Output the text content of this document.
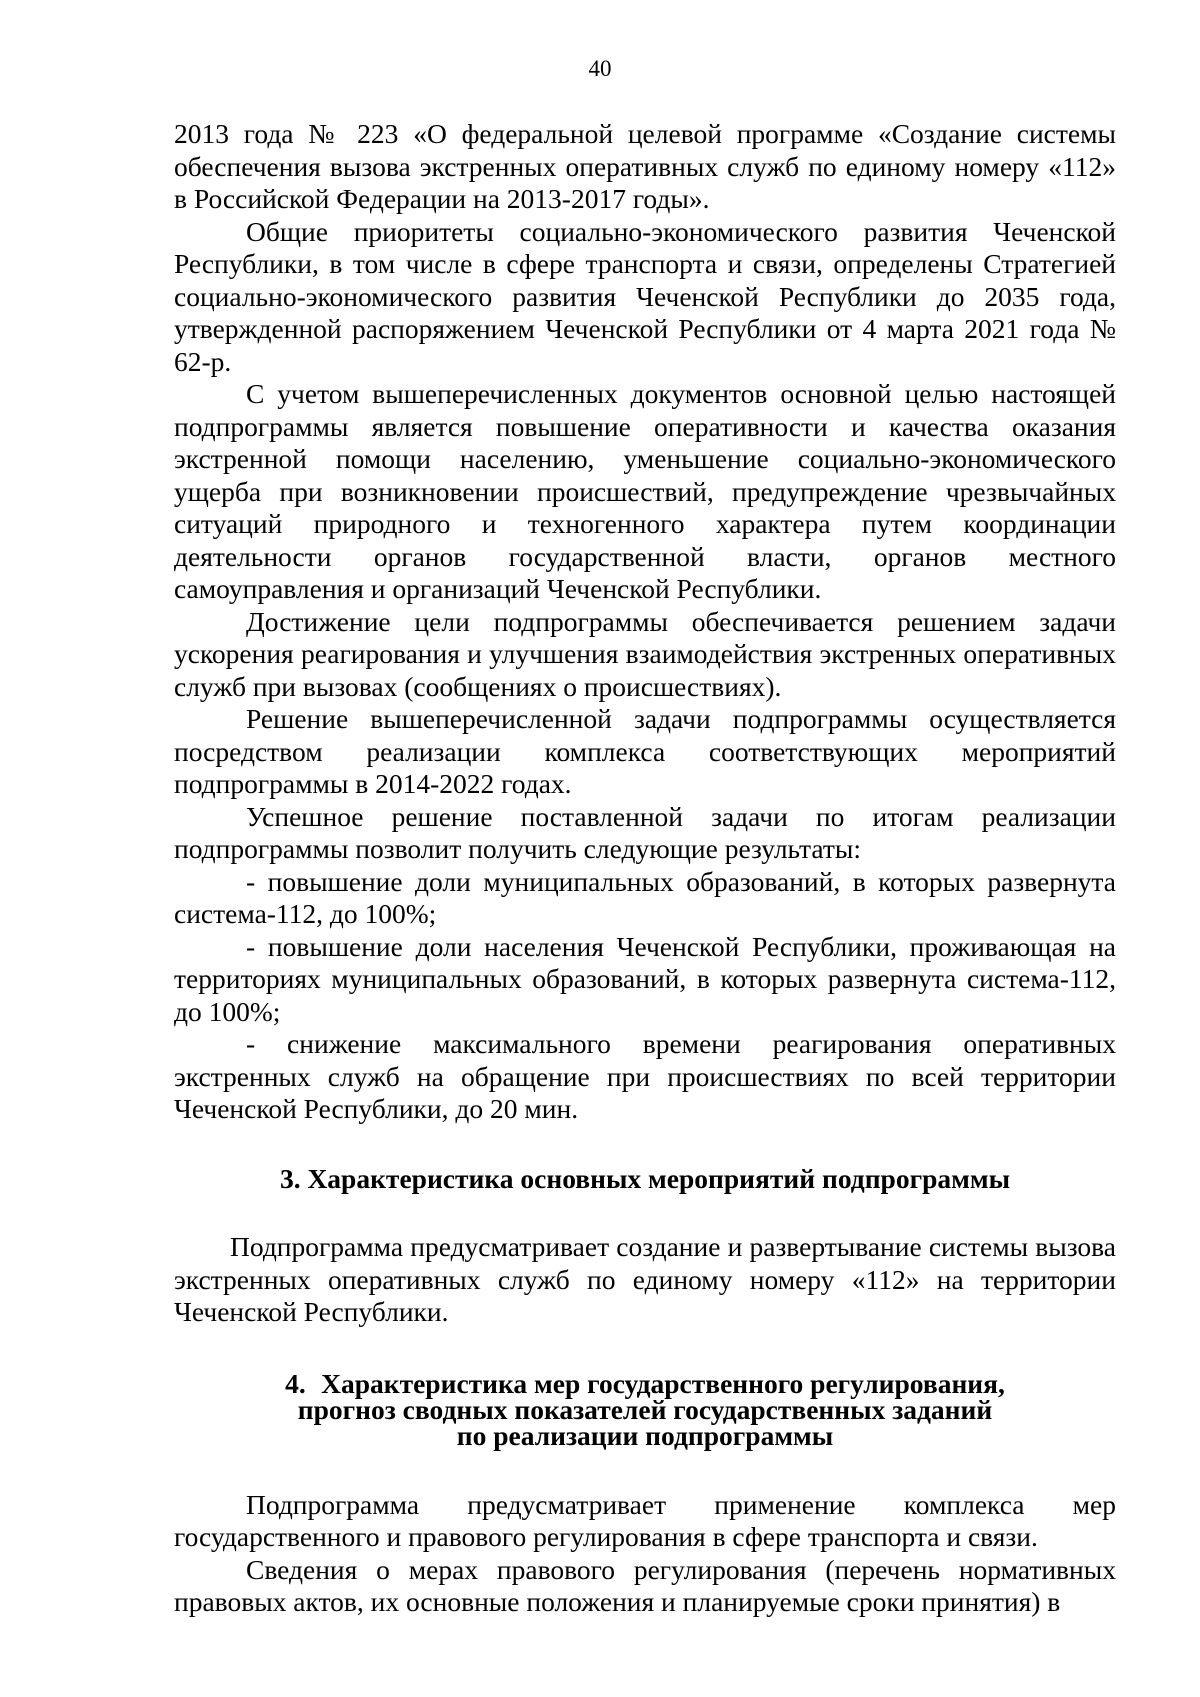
40

2013 года № 223 «О федеральной целевой программе «Создание системы обеспечения вызова экстренных оперативных служб по единому номеру «112» в Российской Федерации на 2013-2017 годы».

Общие приоритеты социально-экономического развития Чеченской Республики, в том числе в сфере транспорта и связи, определены Стратегией социально-экономического развития Чеченской Республики до 2035 года, утвержденной распоряжением Чеченской Республики от 4 марта 2021 года № 62-р.

С учетом вышеперечисленных документов основной целью настоящей подпрограммы является повышение оперативности и качества оказания экстренной помощи населению, уменьшение социально-экономического ущерба при возникновении происшествий, предупреждение чрезвычайных ситуаций природного и техногенного характера путем координации деятельности органов государственной власти, органов местного самоуправления и организаций Чеченской Республики.

Достижение цели подпрограммы обеспечивается решением задачи ускорения реагирования и улучшения взаимодействия экстренных оперативных служб при вызовах (сообщениях о происшествиях).

Решение вышеперечисленной задачи подпрограммы осуществляется посредством реализации комплекса соответствующих мероприятий подпрограммы в 2014-2022 годах.

Успешное решение поставленной задачи по итогам реализации подпрограммы позволит получить следующие результаты:

- повышение доли муниципальных образований, в которых развернута система-112, до 100%;

- повышение доли населения Чеченской Республики, проживающая на территориях муниципальных образований, в которых развернута система-112, до 100%;

- снижение максимального времени реагирования оперативных экстренных служб на обращение при происшествиях по всей территории Чеченской Республики, до 20 мин.

3. Характеристика основных мероприятий подпрограммы

Подпрограмма предусматривает создание и развертывание системы вызова экстренных оперативных служб по единому номеру «112» на территории Чеченской Республики.

4. Характеристика мер государственного регулирования,
прогноз сводных показателей государственных заданий
по реализации подпрограммы

Подпрограмма предусматривает применение комплекса мер государственного и правового регулирования в сфере транспорта и связи.

Сведения о мерах правового регулирования (перечень нормативных правовых актов, их основные положения и планируемые сроки принятия) в
